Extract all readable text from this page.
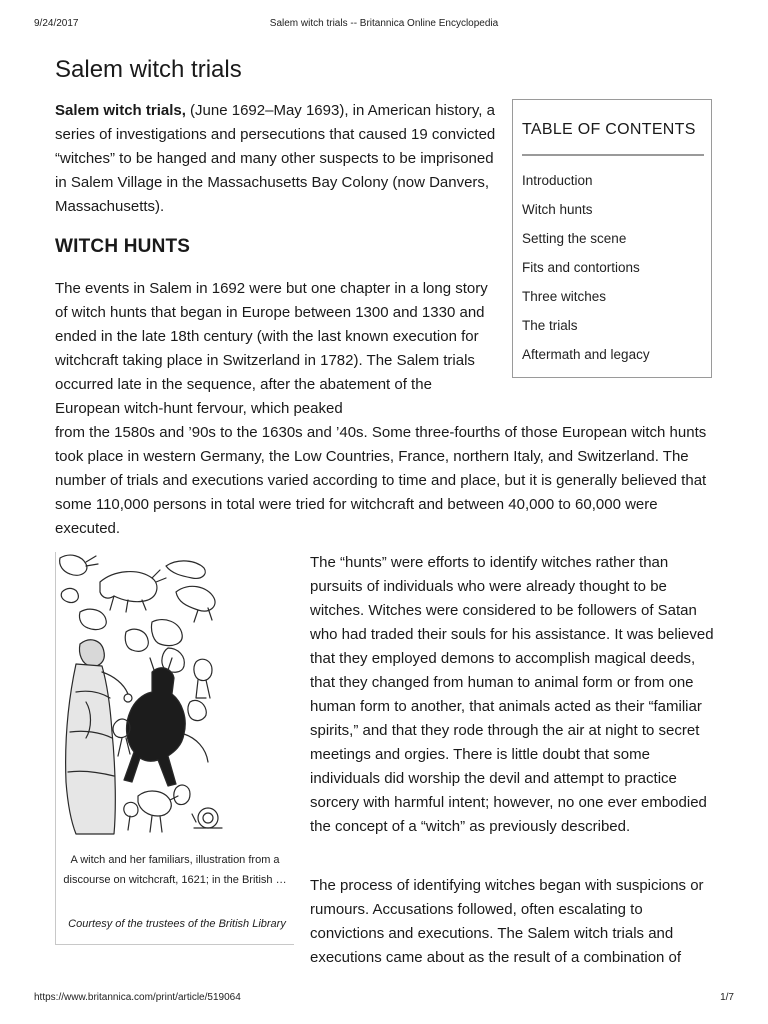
9/24/2017	Salem witch trials -- Britannica Online Encyclopedia
Salem witch trials

Salem witch trials, (June 1692–May 1693), in American history, a series of investigations and persecutions that caused 19 convicted “witches” to be hanged and many other suspects to be imprisoned in Salem Village in the Massachusetts Bay Colony (now Danvers, Massachusetts).

WITCH HUNTS

The events in Salem in 1692 were but one chapter in a long story of witch hunts that began in Europe between 1300 and 1330 and ended in the late 18th century (with the last known execution for witchcraft taking place in Switzerland in 1782). The Salem trials occurred late in the sequence, after the abatement of the European witch-hunt fervour, which peaked

from the 1580s and ’90s to the 1630s and ’40s. Some three-fourths of those European witch hunts took place in western Germany, the Low Countries, France, northern Italy, and Switzerland. The number of trials and executions varied according to time and place, but it is generally believed that some 110,000 persons in total were tried for witchcraft and between 40,000 to 60,000 were executed.

TABLE OF CONTENTS
Introduction
Witch hunts
Setting the scene
Fits and contortions
Three witches
The trials
Aftermath and legacy

A witch and her familiars, illustration from a discourse on witchcraft, 1621; in the British …

Courtesy of the trustees of the British Library

The “hunts” were efforts to identify witches rather than pursuits of individuals who were already thought to be witches. Witches were considered to be followers of Satan who had traded their souls for his assistance. It was believed that they employed demons to accomplish magical deeds, that they changed from human to animal form or from one human form to another, that animals acted as their “familiar spirits,” and that they rode through the air at night to secret meetings and orgies. There is little doubt that some individuals did worship the devil and attempt to practice sorcery with harmful intent; however, no one ever embodied the concept of a “witch” as previously described.

The process of identifying witches began with suspicions or rumours. Accusations followed, often escalating to convictions and executions. The Salem witch trials and executions came about as the result of a combination of

https://www.britannica.com/print/article/519064	1/7
